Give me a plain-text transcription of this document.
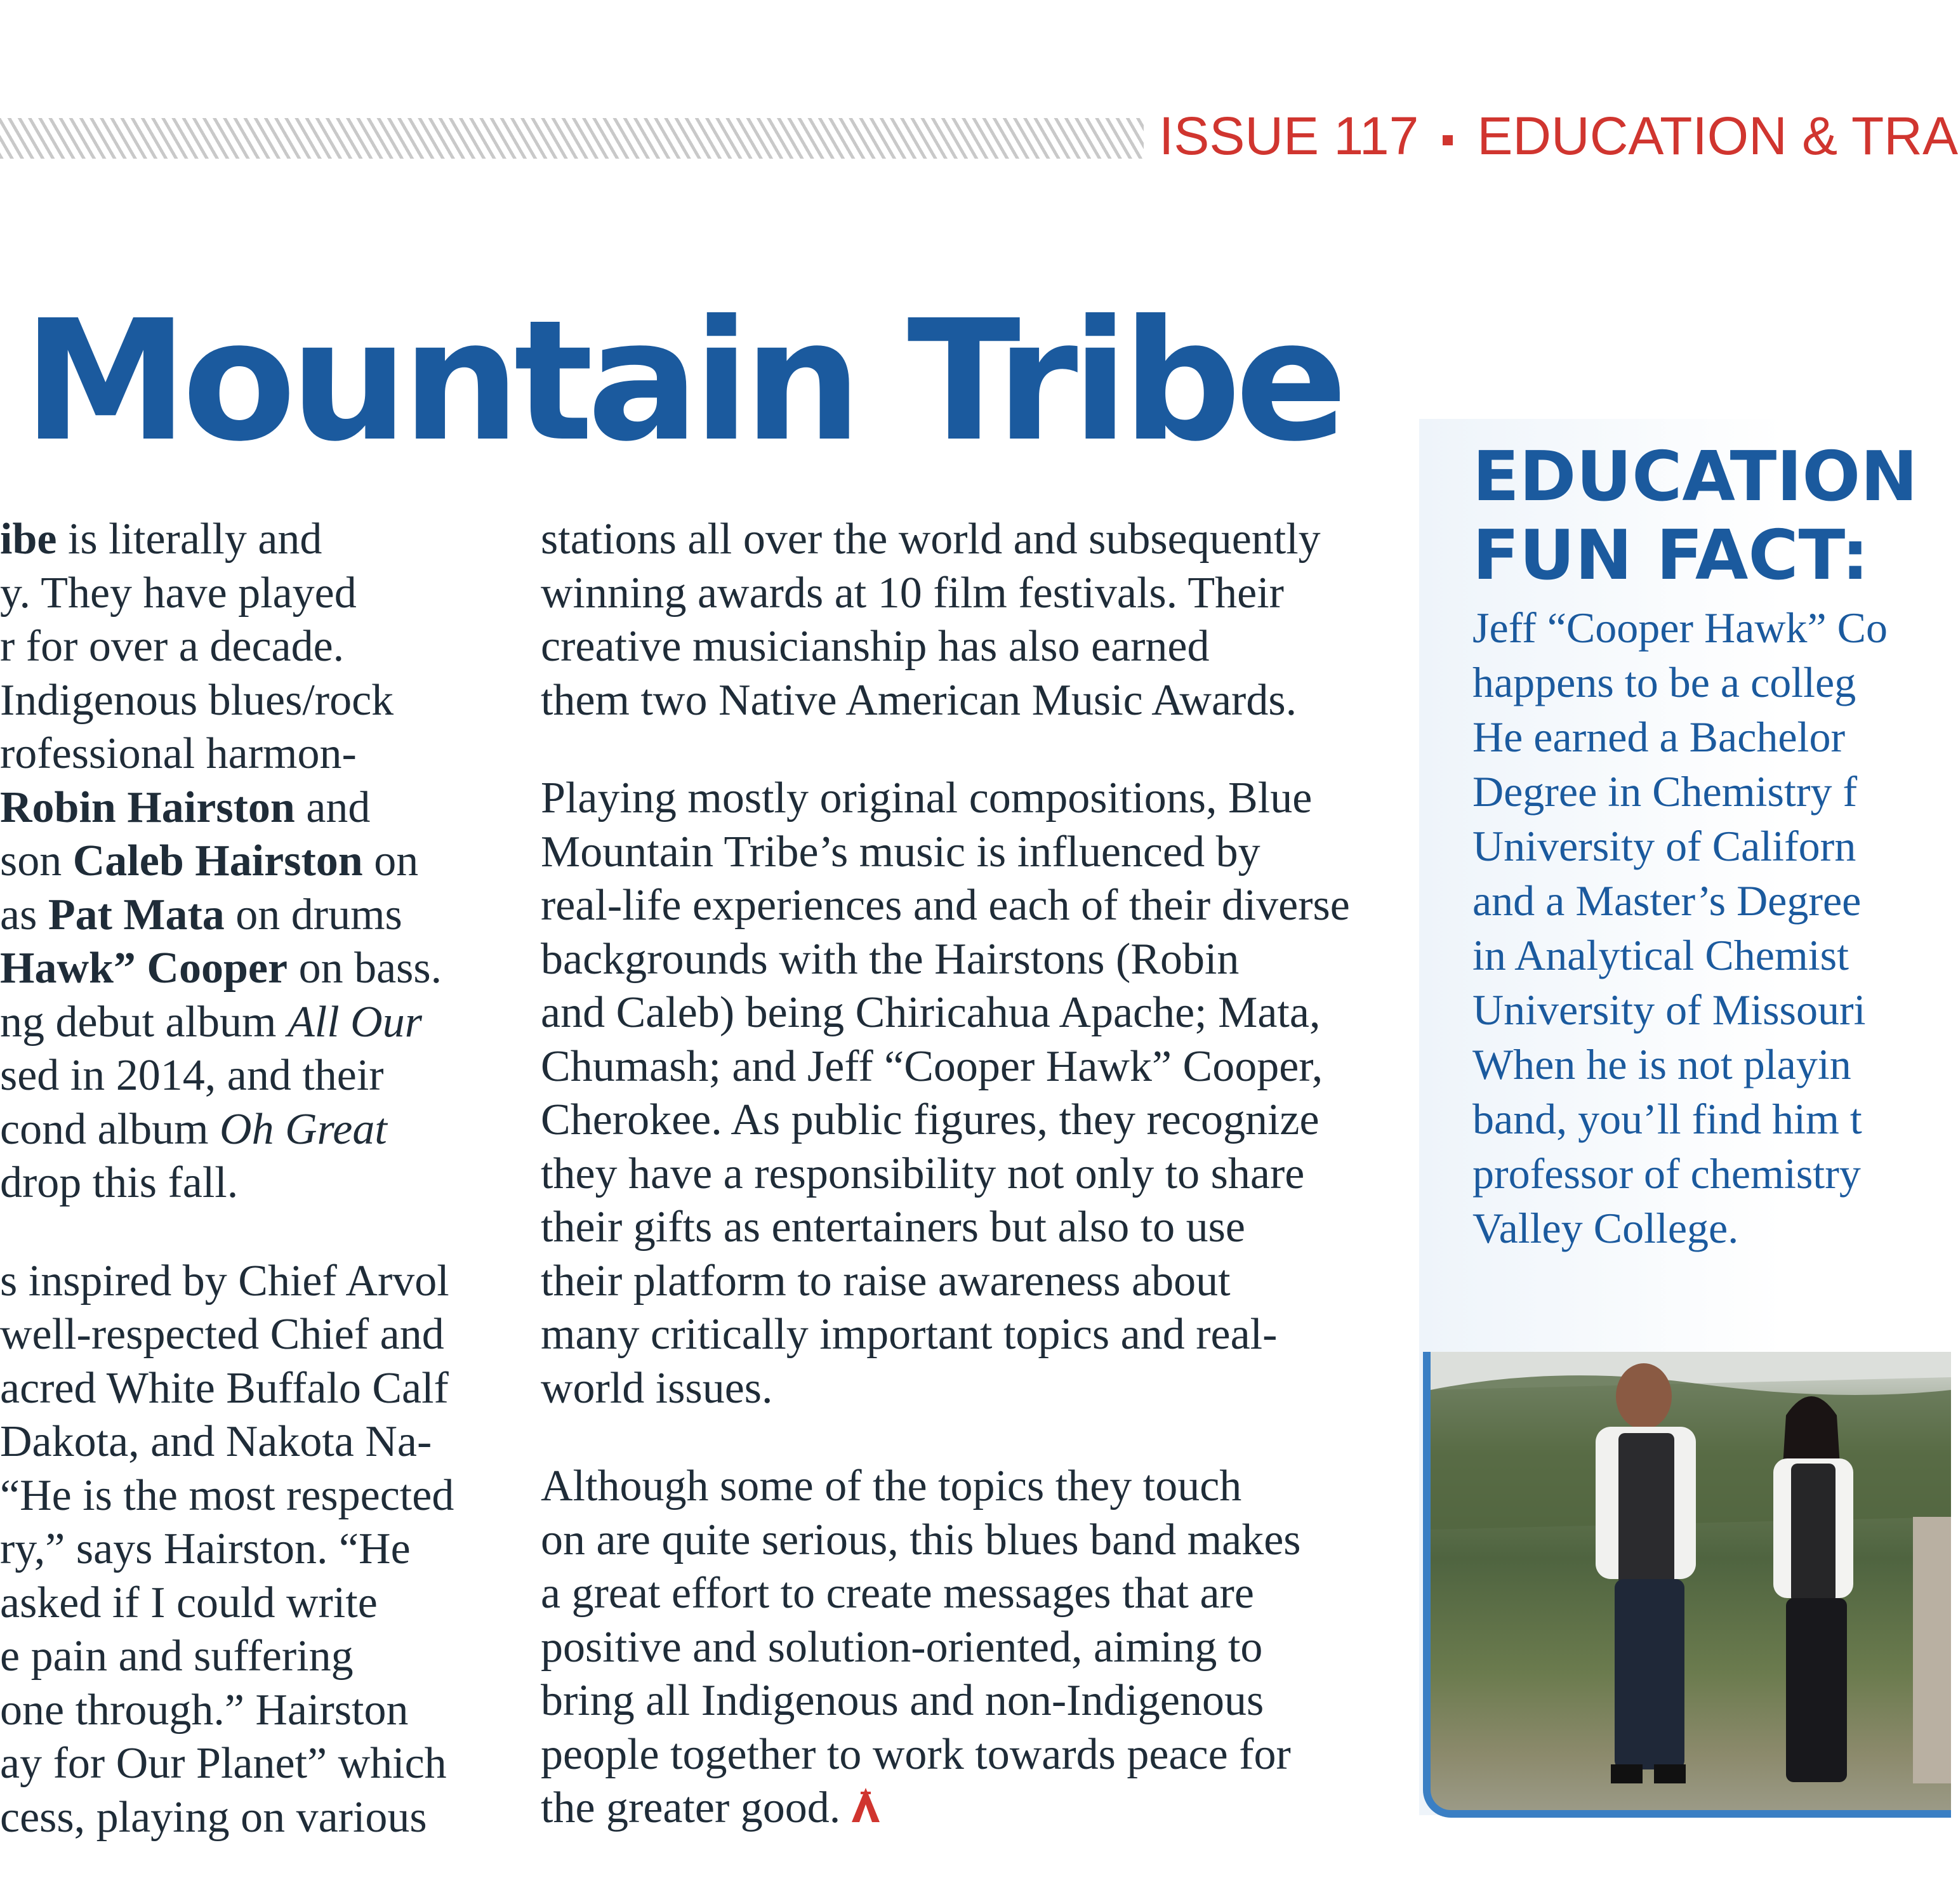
ISSUE 117 EDUCATION & TRA
Mountain Tribe

ibe is literally and

y. They have played

r for over a decade.

Indigenous blues/rock

rofessional harmon-

Robin Hairston and

son Caleb Hairston on

as Pat Mata on drums

Hawk” Cooper on bass.

ng debut album All Our

sed in 2014, and their

cond album Oh Great

drop this fall.

s inspired by Chief Arvol

well-respected Chief and

acred White Buffalo Calf

Dakota, and Nakota Na-

“He is the most respected

ry,” says Hairston. “He

asked if I could write

e pain and suffering

one through.” Hairston

ay for Our Planet” which

cess, playing on various

stations all over the world and subsequently

winning awards at 10 film festivals. Their

creative musicianship has also earned

them two Native American Music Awards.

Playing mostly original compositions, Blue

Mountain Tribe’s music is influenced by

real-life experiences and each of their diverse

backgrounds with the Hairstons (Robin

and Caleb) being Chiricahua Apache; Mata,

Chumash; and Jeff “Cooper Hawk” Cooper,

Cherokee. As public figures, they recognize

they have a responsibility not only to share

their gifts as entertainers but also to use

their platform to raise awareness about

many critically important topics and real-

world issues.

Although some of the topics they touch

on are quite serious, this blues band makes

a great effort to create messages that are

positive and solution-oriented, aiming to

bring all Indigenous and non-Indigenous

people together to work towards peace for

the greater good.

EDUCATION
FUN FACT:

Jeff “Cooper Hawk” Co

happens to be a colleg

He earned a Bachelor

Degree in Chemistry f

University of Californ

and a Master’s Degree

in Analytical Chemist

University of Missouri

When he is not playin

band, you’ll find him t

professor of chemistry

Valley College.
